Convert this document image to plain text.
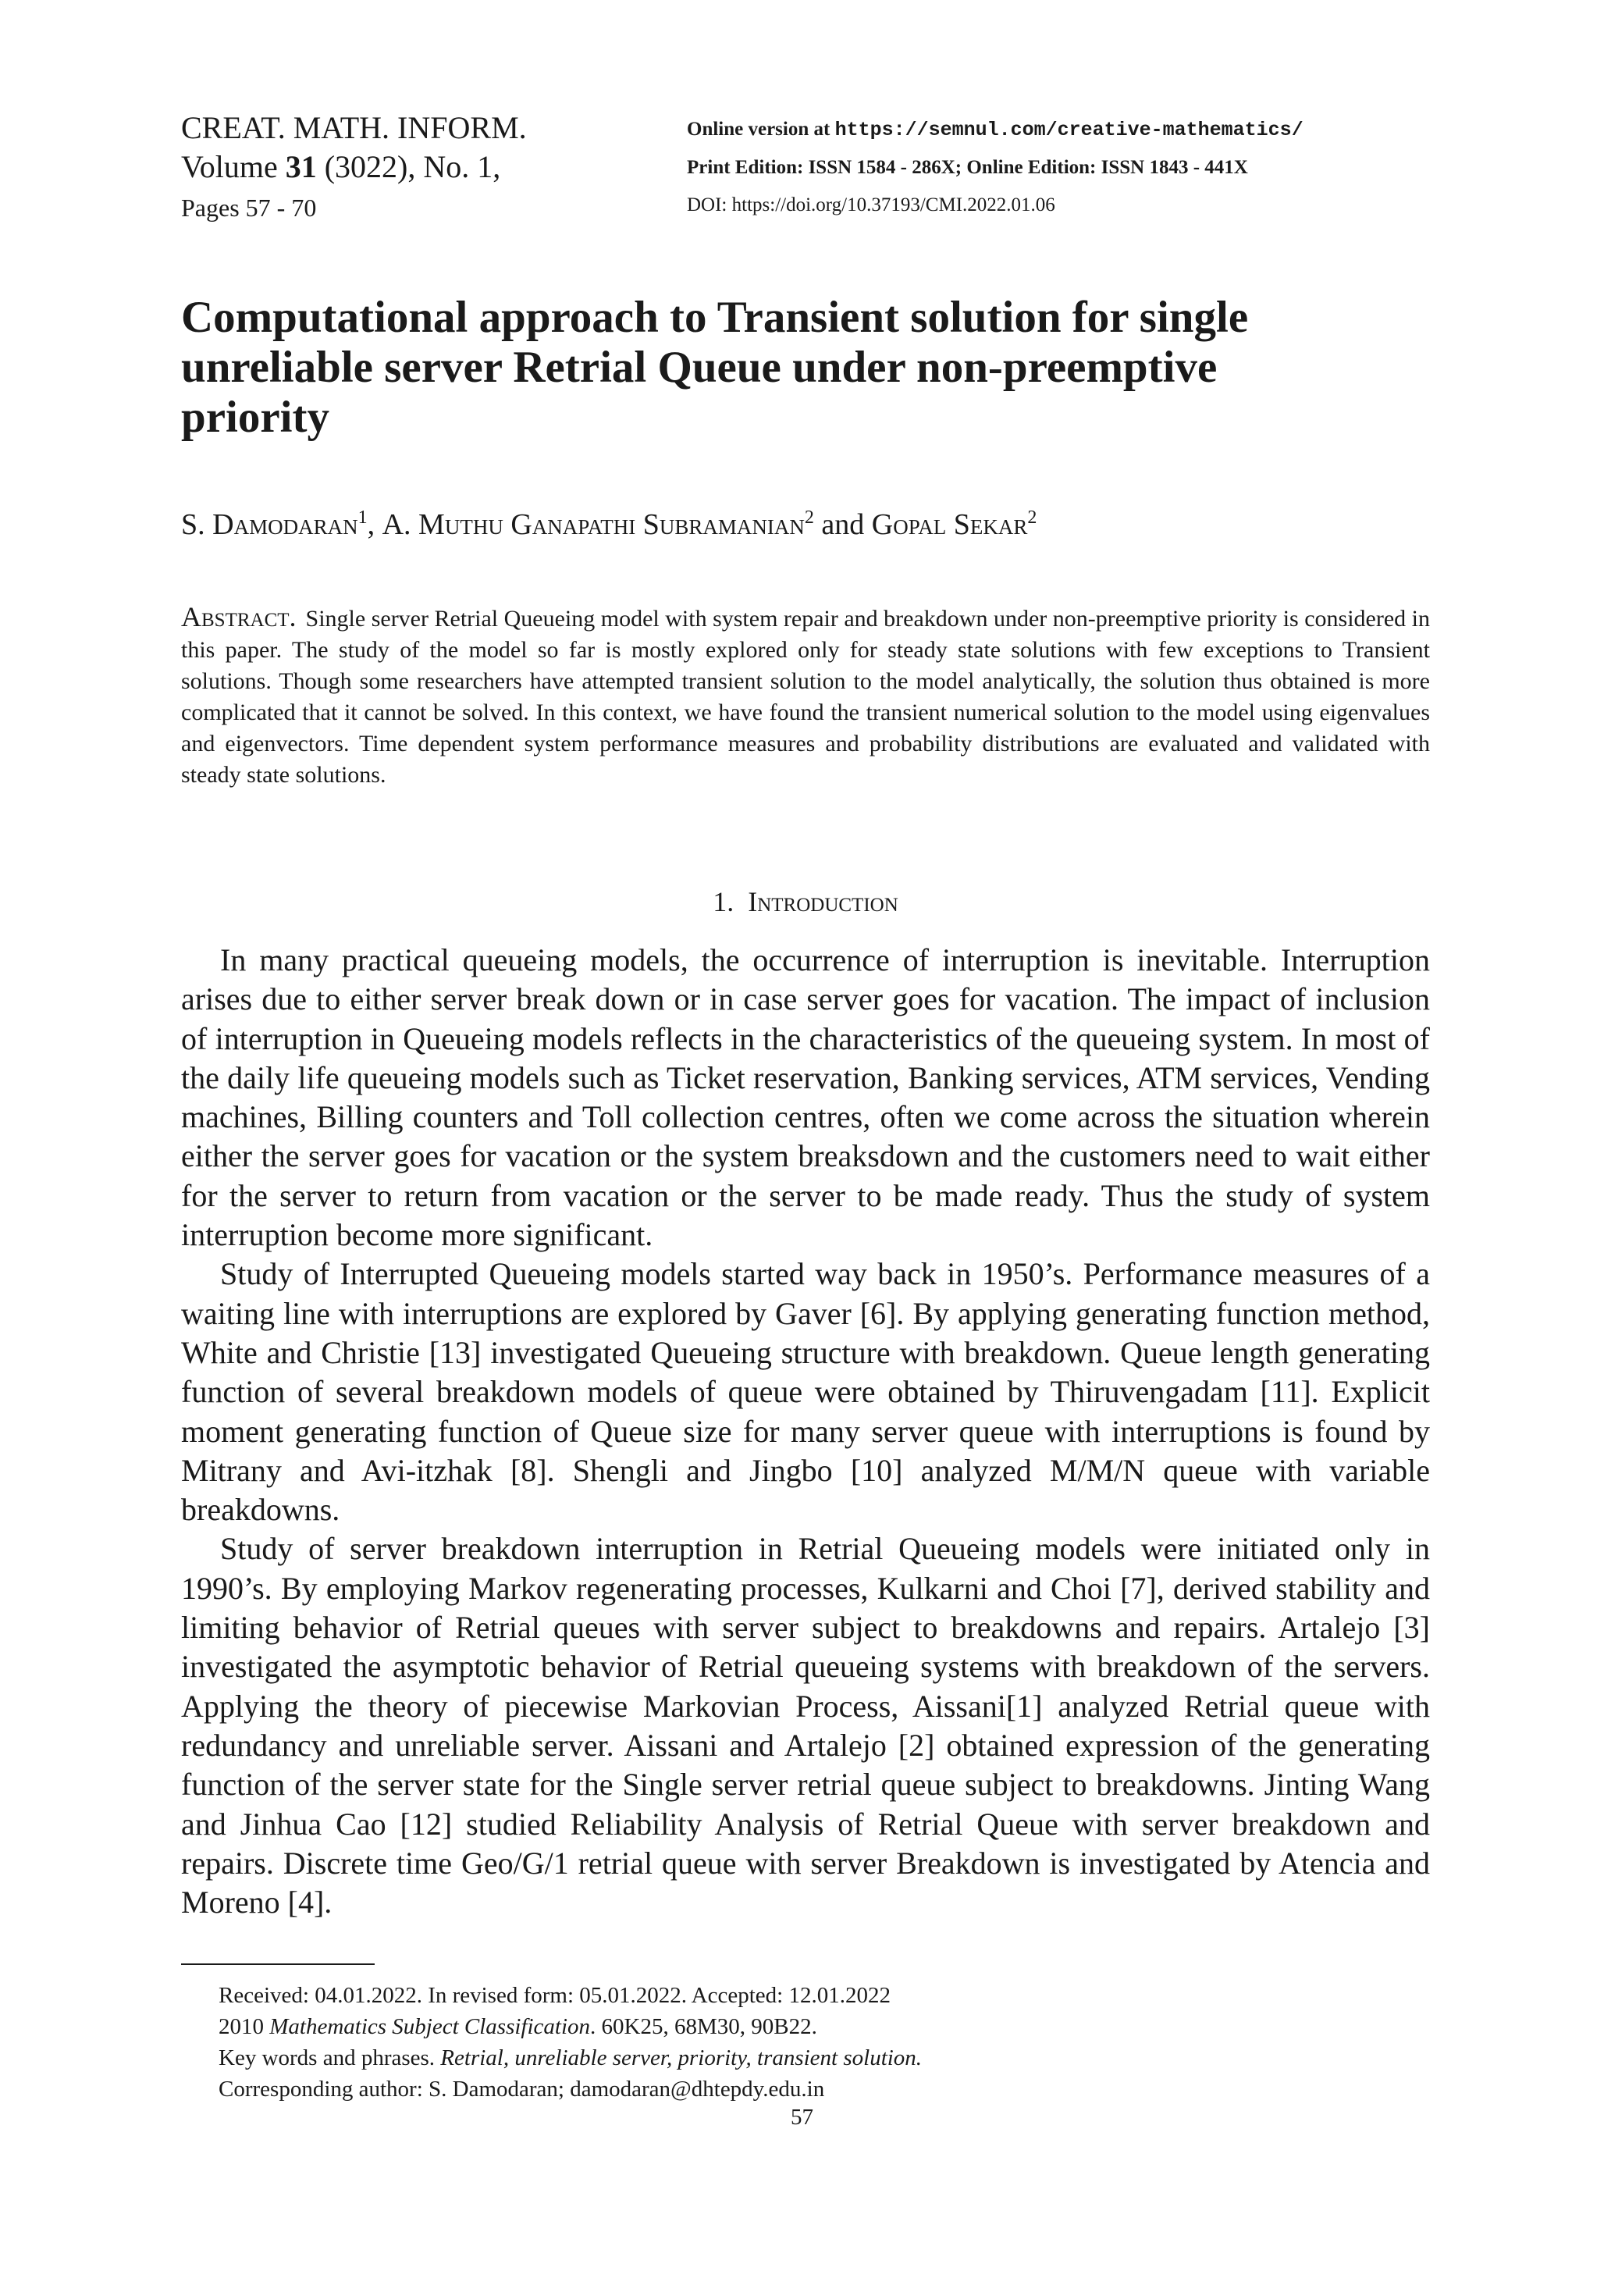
CREAT. MATH. INFORM.
Volume 31 (3022), No. 1,
Pages 57 - 70
Online version at https://semnul.com/creative-mathematics/
Print Edition: ISSN 1584 - 286X; Online Edition: ISSN 1843 - 441X
DOI: https://doi.org/10.37193/CMI.2022.01.06
Computational approach to Transient solution for single
unreliable server Retrial Queue under non-preemptive
priority
S. Damodaran$^1$, A. Muthu Ganapathi Subramanian$^2$ and Gopal Sekar$^2$
Abstract. Single server Retrial Queueing model with system repair and breakdown under non-preemptive priority is considered in this paper. The study of the model so far is mostly explored only for steady state solutions with few exceptions to Transient solutions. Though some researchers have attempted transient solution to the model analytically, the solution thus obtained is more complicated that it cannot be solved. In this context, we have found the transient numerical solution to the model using eigenvalues and eigenvectors. Time dependent system performance measures and probability distributions are evaluated and validated with steady state solutions.
1. Introduction

In many practical queueing models, the occurrence of interruption is inevitable. Interruption arises due to either server break down or in case server goes for vacation. The impact of inclusion of interruption in Queueing models reflects in the characteristics of the queueing system. In most of the daily life queueing models such as Ticket reservation, Banking services, ATM services, Vending machines, Billing counters and Toll collection centres, often we come across the situation wherein either the server goes for vacation or the system breaksdown and the customers need to wait either for the server to return from vacation or the server to be made ready. Thus the study of system interruption become more significant.

Study of Interrupted Queueing models started way back in 1950’s. Performance measures of a waiting line with interruptions are explored by Gaver [6]. By applying generating function method, White and Christie [13] investigated Queueing structure with breakdown. Queue length generating function of several breakdown models of queue were obtained by Thiruvengadam [11]. Explicit moment generating function of Queue size for many server queue with interruptions is found by Mitrany and Avi-itzhak [8]. Shengli and Jingbo [10] analyzed M/M/N queue with variable breakdowns.

Study of server breakdown interruption in Retrial Queueing models were initiated only in 1990’s. By employing Markov regenerating processes, Kulkarni and Choi [7], derived stability and limiting behavior of Retrial queues with server subject to breakdowns and repairs. Artalejo [3] investigated the asymptotic behavior of Retrial queueing systems with breakdown of the servers. Applying the theory of piecewise Markovian Process, Aissani[1] analyzed Retrial queue with redundancy and unreliable server. Aissani and Artalejo [2] obtained expression of the generating function of the server state for the Single server retrial queue subject to breakdowns. Jinting Wang and Jinhua Cao [12] studied Reliability Analysis of Retrial Queue with server breakdown and repairs. Discrete time Geo/G/1 retrial queue with server Breakdown is investigated by Atencia and Moreno [4].

Received: 04.01.2022. In revised form: 05.01.2022. Accepted: 12.01.2022
2010 Mathematics Subject Classification. 60K25, 68M30, 90B22.
Key words and phrases. Retrial, unreliable server, priority, transient solution.
Corresponding author: S. Damodaran; damodaran@dhtepdy.edu.in
57
